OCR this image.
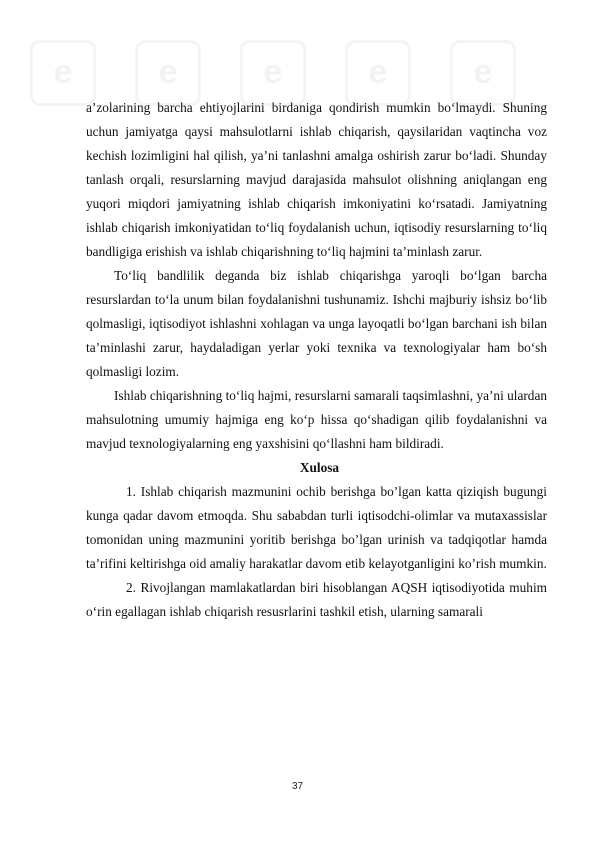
e	e	e	e	e

a’zolarining barcha ehtiyojlarini birdaniga qondirish mumkin bo‘lmaydi. Shuning uchun jamiyatga qaysi mahsulotlarni ishlab chiqarish, qaysilaridan vaqtincha voz kechish lozimligini hal qilish, ya’ni tanlashni amalga oshirish zarur bo‘ladi. Shunday tanlash orqali, resurslarning mavjud darajasida mahsulot olishning aniqlangan eng yuqori miqdori jamiyatning ishlab chiqarish imkoniyatini ko‘rsatadi. Jamiyatning ishlab chiqarish imkoniyatidan to‘liq foydalanish uchun, iqtisodiy resurslarning to‘liq bandligiga erishish va ishlab chiqarishning to‘liq hajmini ta’minlash zarur.

To‘liq bandlilik deganda biz ishlab chiqarishga yaroqli bo‘lgan barcha resurslardan to‘la unum bilan foydalanishni tushunamiz. Ishchi majburiy ishsiz bo‘lib qolmasligi, iqtisodiyot ishlashni xohlagan va unga layoqatli bo‘lgan barchani ish bilan ta’minlashi zarur, haydaladigan yerlar yoki texnika va texnologiyalar ham bo‘sh qolmasligi lozim.

Ishlab chiqarishning to‘liq hajmi, resurslarni samarali taqsimlashni, ya’ni ulardan mahsulotning umumiy hajmiga eng ko‘p hissa qo‘shadigan qilib foydalanishni va mavjud texnologiyalarning eng yaxshisini qo‘llashni ham bildiradi.

Xulosa

1. Ishlab chiqarish mazmunini ochib berishga bo’lgan katta qiziqish bugungi kunga qadar davom etmoqda. Shu sababdan turli iqtisodchi-olimlar va mutaxassislar tomonidan uning mazmunini yoritib berishga bo’lgan urinish va tadqiqotlar hamda ta’rifini keltirishga oid amaliy harakatlar davom etib kelayotganligini ko’rish mumkin.

2. Rivojlangan mamlakatlardan biri hisoblangan AQSH iqtisodiyotida muhim o‘rin egallagan ishlab chiqarish resusrlarini tashkil etish, ularning samarali

37
